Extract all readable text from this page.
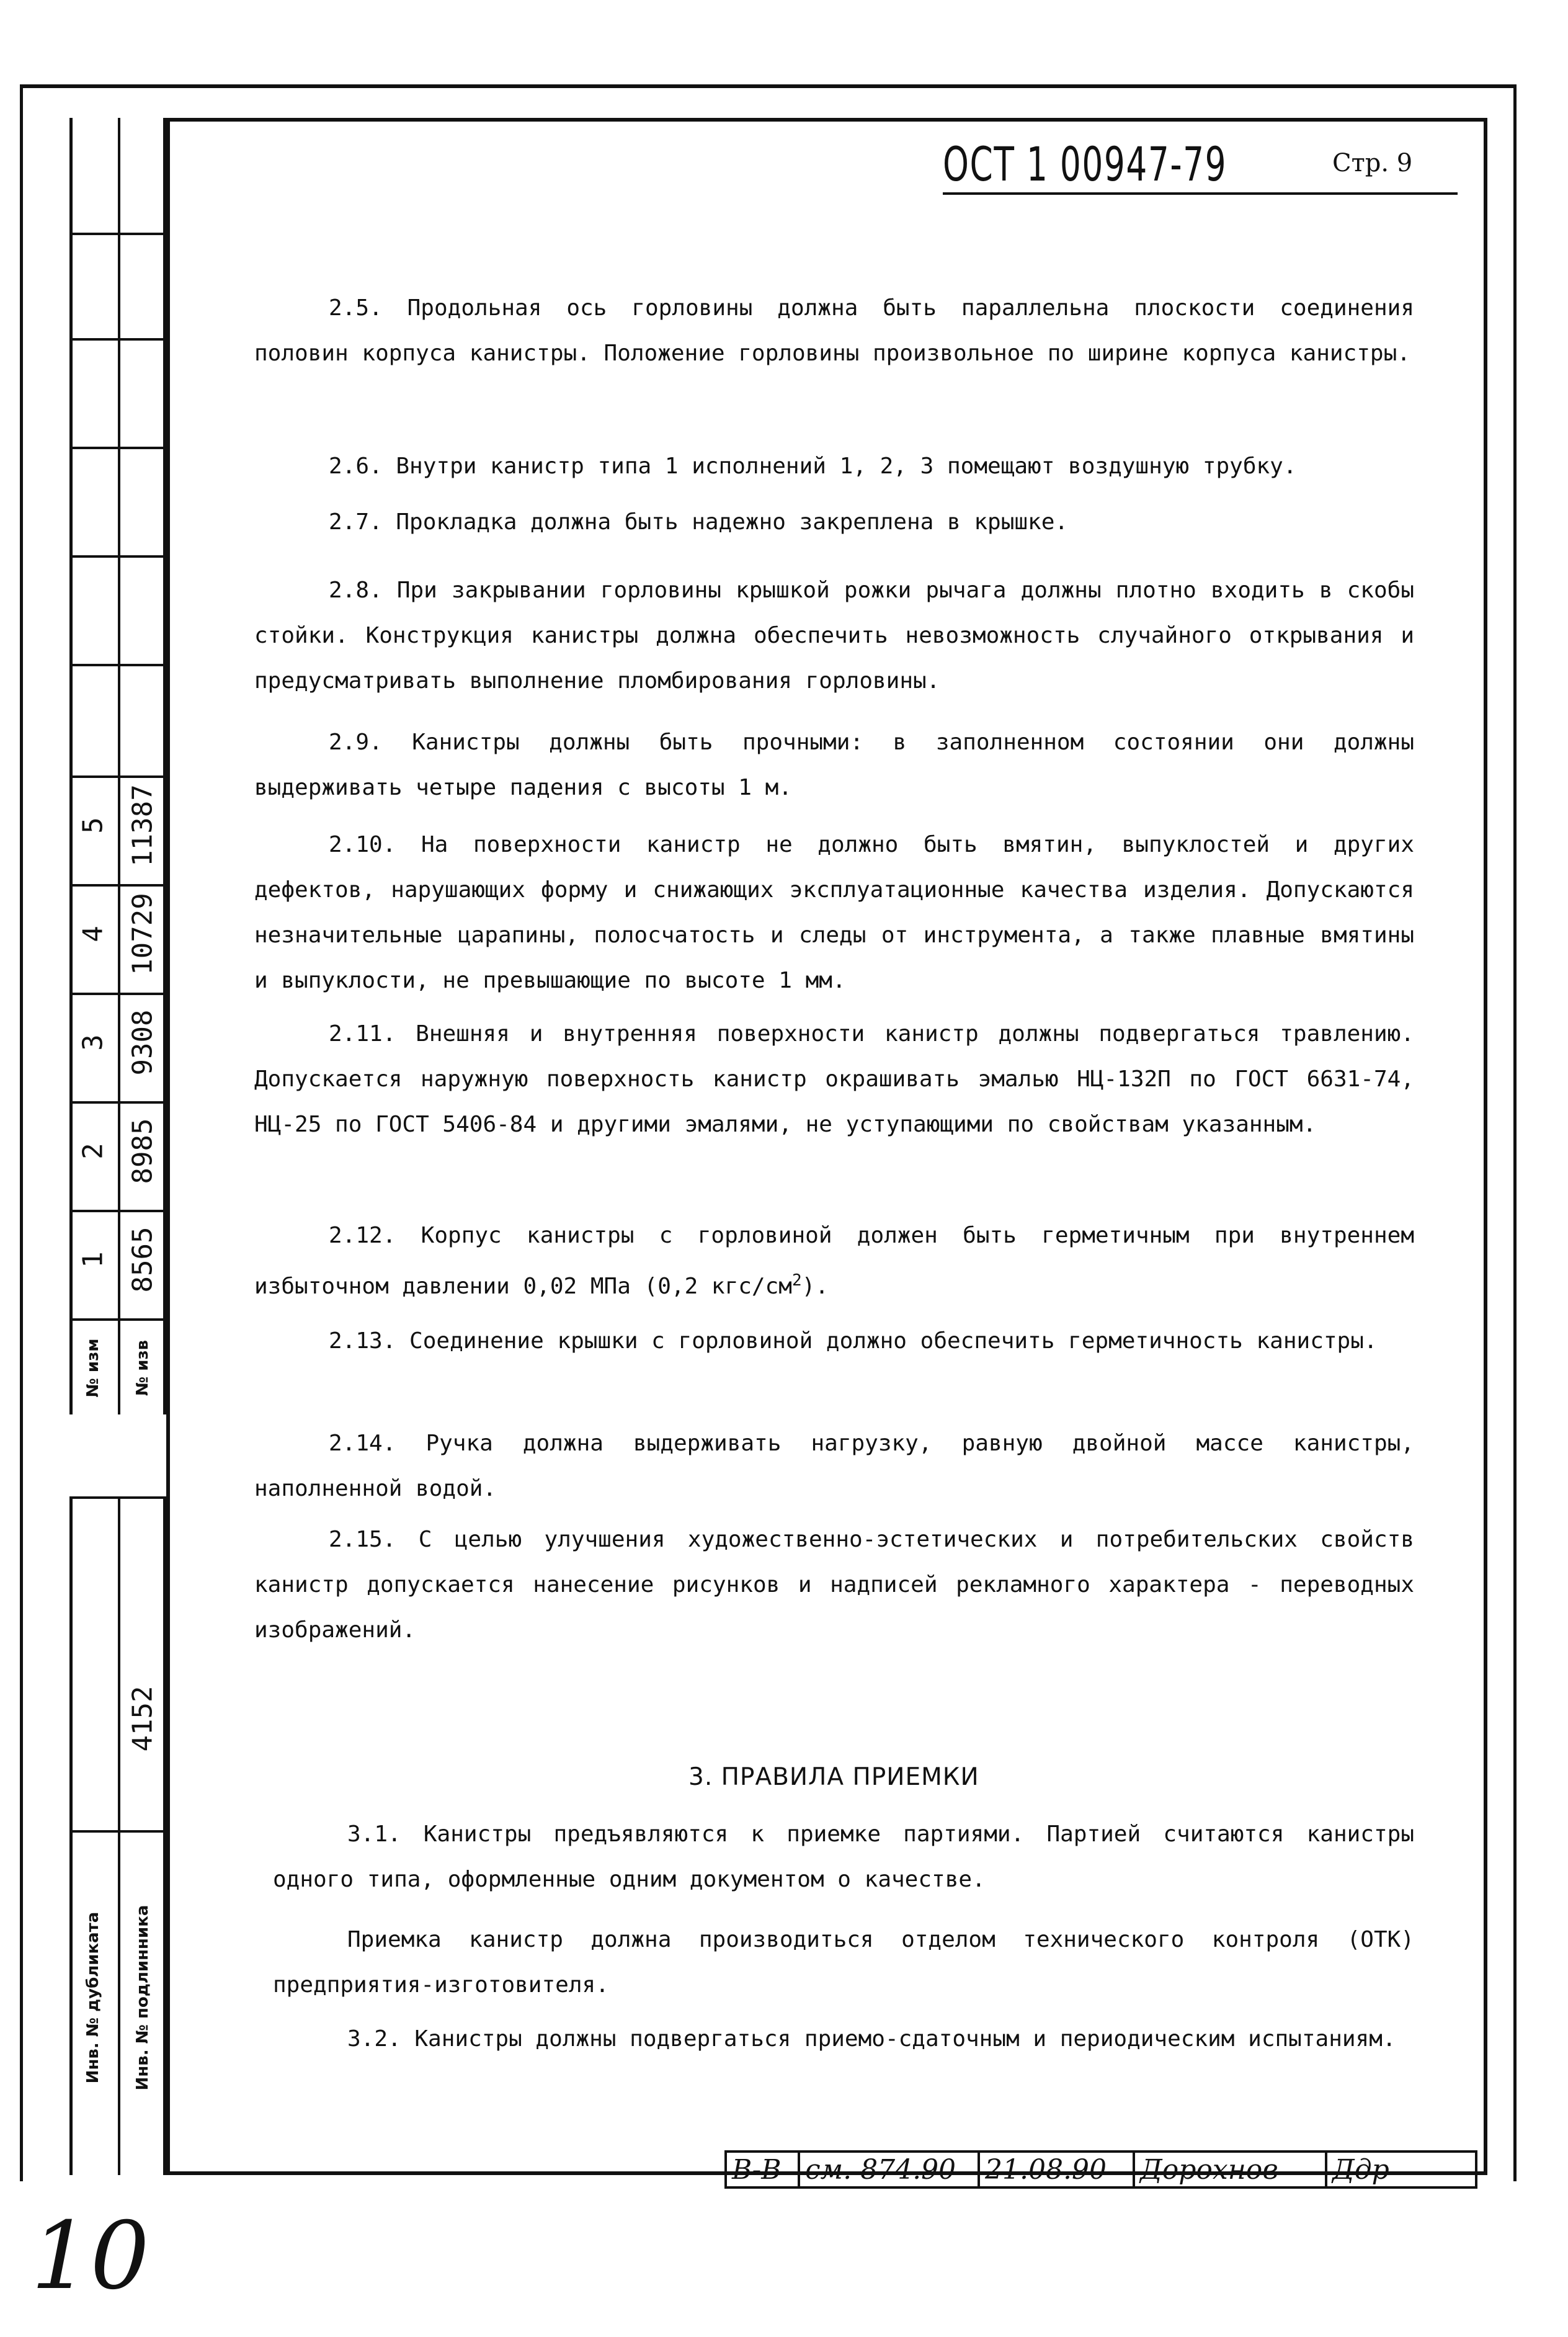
1 8565
2 8985
3 9308
4 10729
5 11387
№ изм № изв
4152
Инв. № дубликата Инв. № подлинника
ОСТ 1 00947-79	Стр. 9
2.5. Продольная ось горловины должна быть параллельна плоскости соединения половин корпуса канистры. Положение горловины произвольное по ширине корпуса канистры.
2.6. Внутри канистр типа 1 исполнений 1, 2, 3 помещают воздушную трубку.
2.7. Прокладка должна быть надежно закреплена в крышке.
2.8. При закрывании горловины крышкой рожки рычага должны плотно входить в скобы стойки. Конструкция канистры должна обеспечить невозможность случайного открывания и предусматривать выполнение пломбирования горловины.
2.9. Канистры должны быть прочными: в заполненном состоянии они должны выдерживать четыре падения с высоты 1 м.
2.10. На поверхности канистр не должно быть вмятин, выпуклостей и других дефектов, нарушающих форму и снижающих эксплуатационные качества изделия. Допускаются незначительные царапины, полосчатость и следы от инструмента, а также плавные вмятины и выпуклости, не превышающие по высоте 1 мм.
2.11. Внешняя и внутренняя поверхности канистр должны подвергаться травлению. Допускается наружную поверхность канистр окрашивать эмалью НЦ-132П по ГОСТ 6631-74, НЦ-25 по ГОСТ 5406-84 и другими эмалями, не уступающими по свойствам указанным.
2.12. Корпус канистры с горловиной должен быть герметичным при внутреннем избыточном давлении 0,02 МПа (0,2 кгс/$см^2$).
2.13. Соединение крышки с горловиной должно обеспечить герметичность канистры.
2.14. Ручка должна выдерживать нагрузку, равную двойной массе канистры, наполненной водой.
2.15. С целью улучшения художественно-эстетических и потребительских свойств канистр допускается нанесение рисунков и надписей рекламного характера - переводных изображений.
3. ПРАВИЛА ПРИЕМКИ
3.1. Канистры предъявляются к приемке партиями. Партией считаются канистры одного типа, оформленные одним документом о качестве.
Приемка канистр должна производиться отделом технического контроля (ОТК) предприятия-изготовителя.
3.2. Канистры должны подвергаться приемо-сдаточным и периодическим испытаниям.
В-В см. 874.90	21.08.90	Дорохнов	Ддр
10
